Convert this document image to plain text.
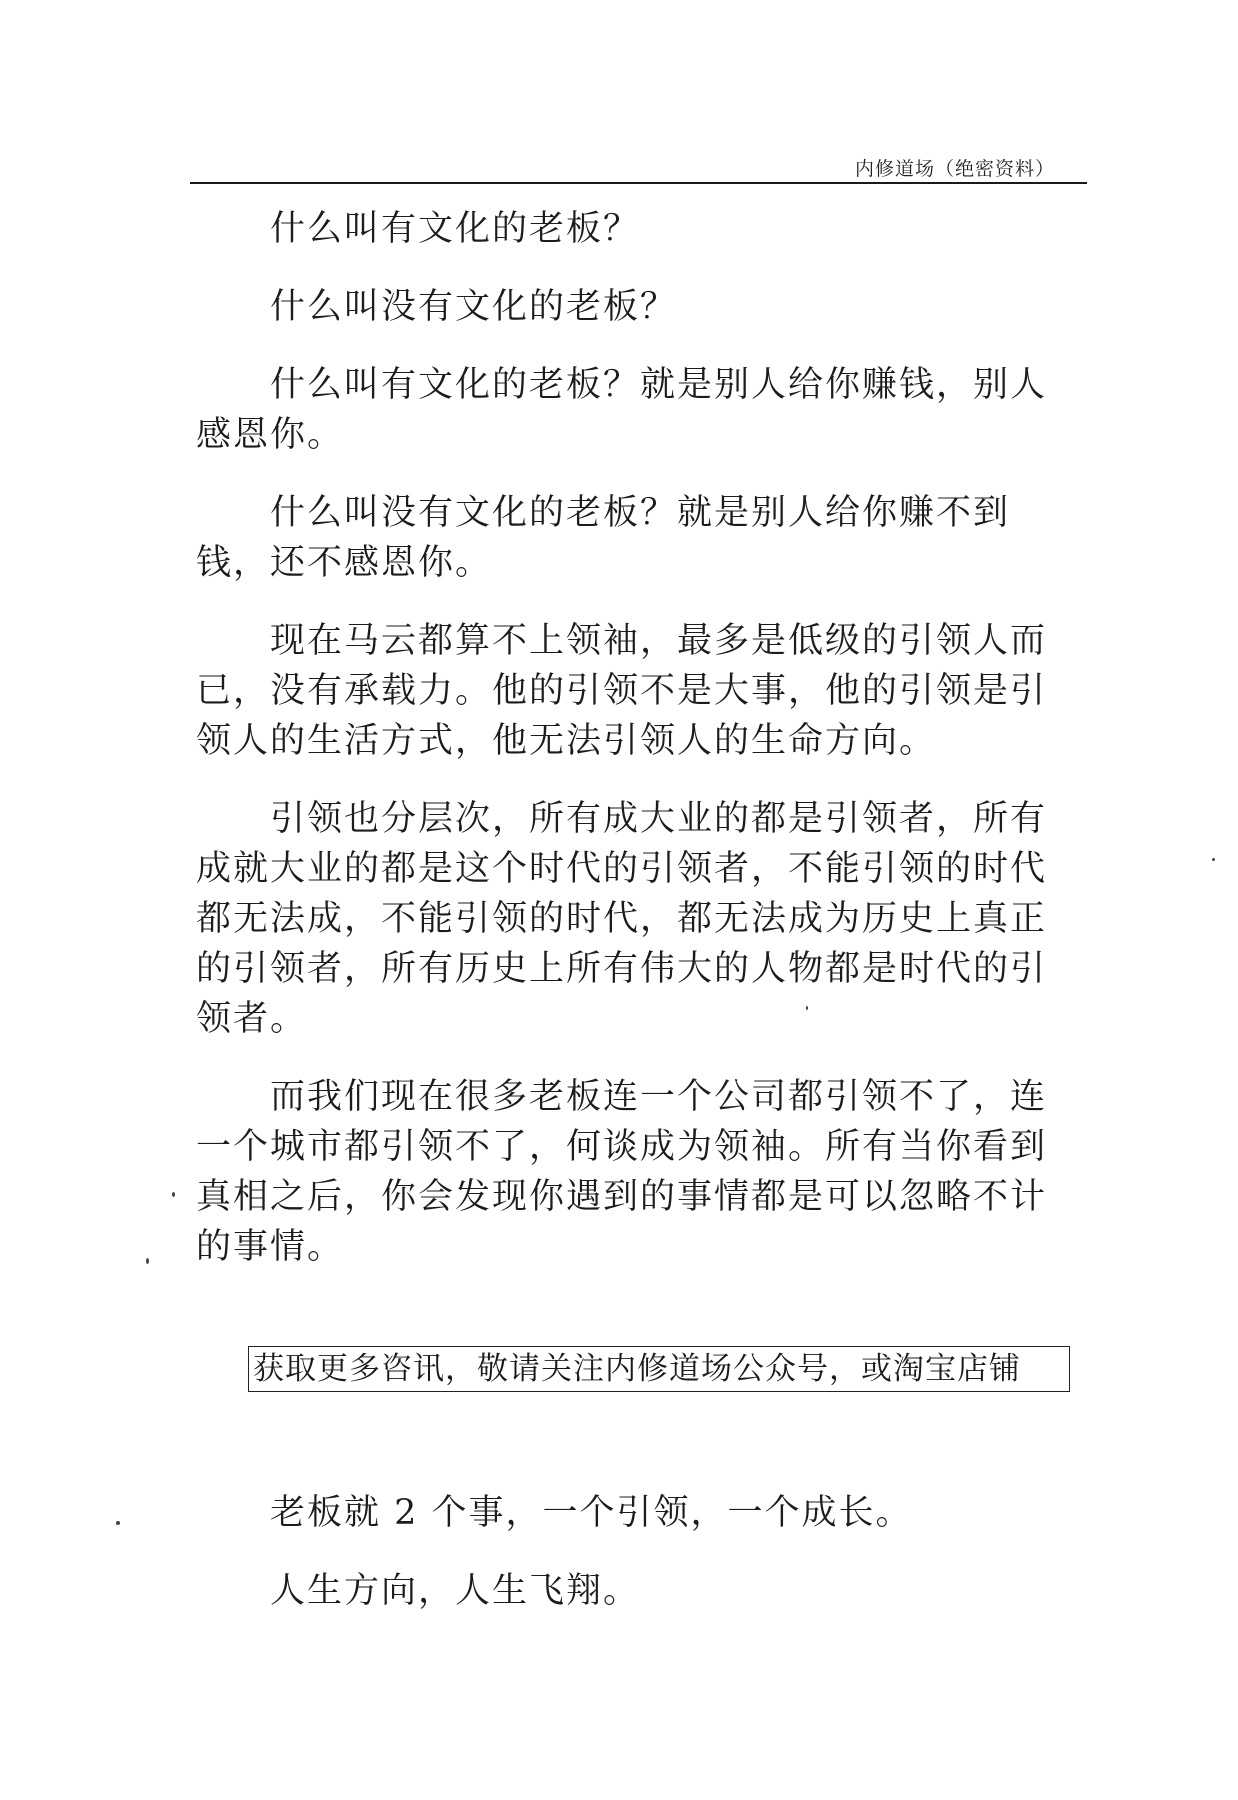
内修道场（绝密资料）

什么叫有文化的老板？

什么叫没有文化的老板？

什么叫有文化的老板？就是别人给你赚钱，别人感恩你。

什么叫没有文化的老板？就是别人给你赚不到钱，还不感恩你。

现在马云都算不上领袖，最多是低级的引领人而已，没有承载力。他的引领不是大事，他的引领是引领人的生活方式，他无法引领人的生命方向。

引领也分层次，所有成大业的都是引领者，所有成就大业的都是这个时代的引领者，不能引领的时代都无法成，不能引领的时代，都无法成为历史上真正的引领者，所有历史上所有伟大的人物都是时代的引领者。

而我们现在很多老板连一个公司都引领不了，连一个城市都引领不了，何谈成为领袖。所有当你看到真相之后，你会发现你遇到的事情都是可以忽略不计的事情。

获取更多咨讯，敬请关注内修道场公众号，或淘宝店铺

老板就 2 个事，一个引领，一个成长。

人生方向，人生飞翔。
